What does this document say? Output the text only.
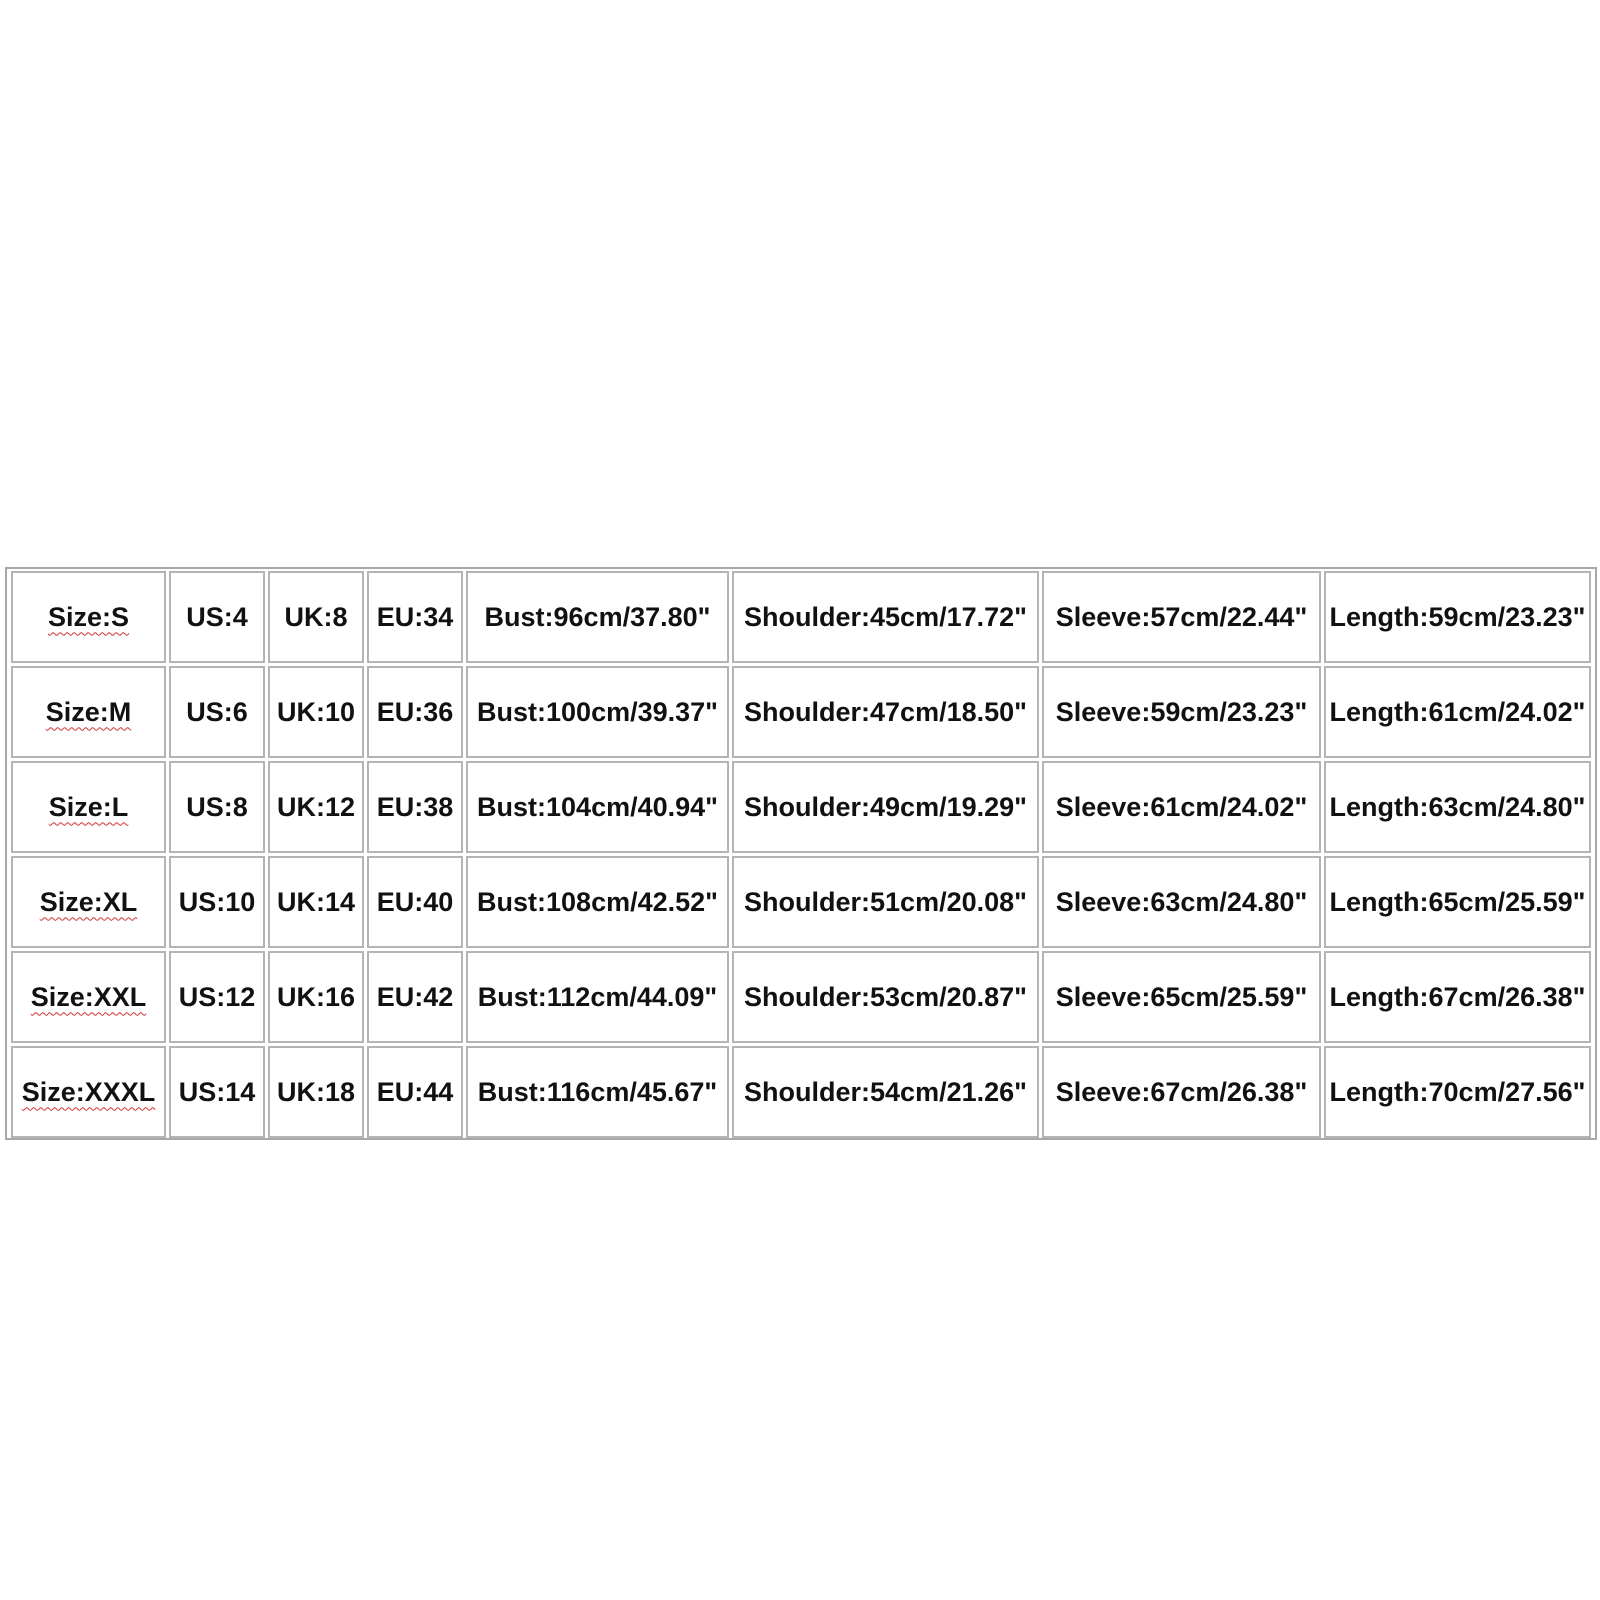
Size:S US:4 UK:8 EU:34 Bust:96cm/37.80" Shoulder:45cm/17.72" Sleeve:57cm/22.44" Length:59cm/23.23"
Size:M US:6 UK:10 EU:36 Bust:100cm/39.37" Shoulder:47cm/18.50" Sleeve:59cm/23.23" Length:61cm/24.02"
Size:L US:8 UK:12 EU:38 Bust:104cm/40.94" Shoulder:49cm/19.29" Sleeve:61cm/24.02" Length:63cm/24.80"
Size:XL US:10 UK:14 EU:40 Bust:108cm/42.52" Shoulder:51cm/20.08" Sleeve:63cm/24.80" Length:65cm/25.59"
Size:XXL US:12 UK:16 EU:42 Bust:112cm/44.09" Shoulder:53cm/20.87" Sleeve:65cm/25.59" Length:67cm/26.38"
Size:XXXL US:14 UK:18 EU:44 Bust:116cm/45.67" Shoulder:54cm/21.26" Sleeve:67cm/26.38" Length:70cm/27.56"
